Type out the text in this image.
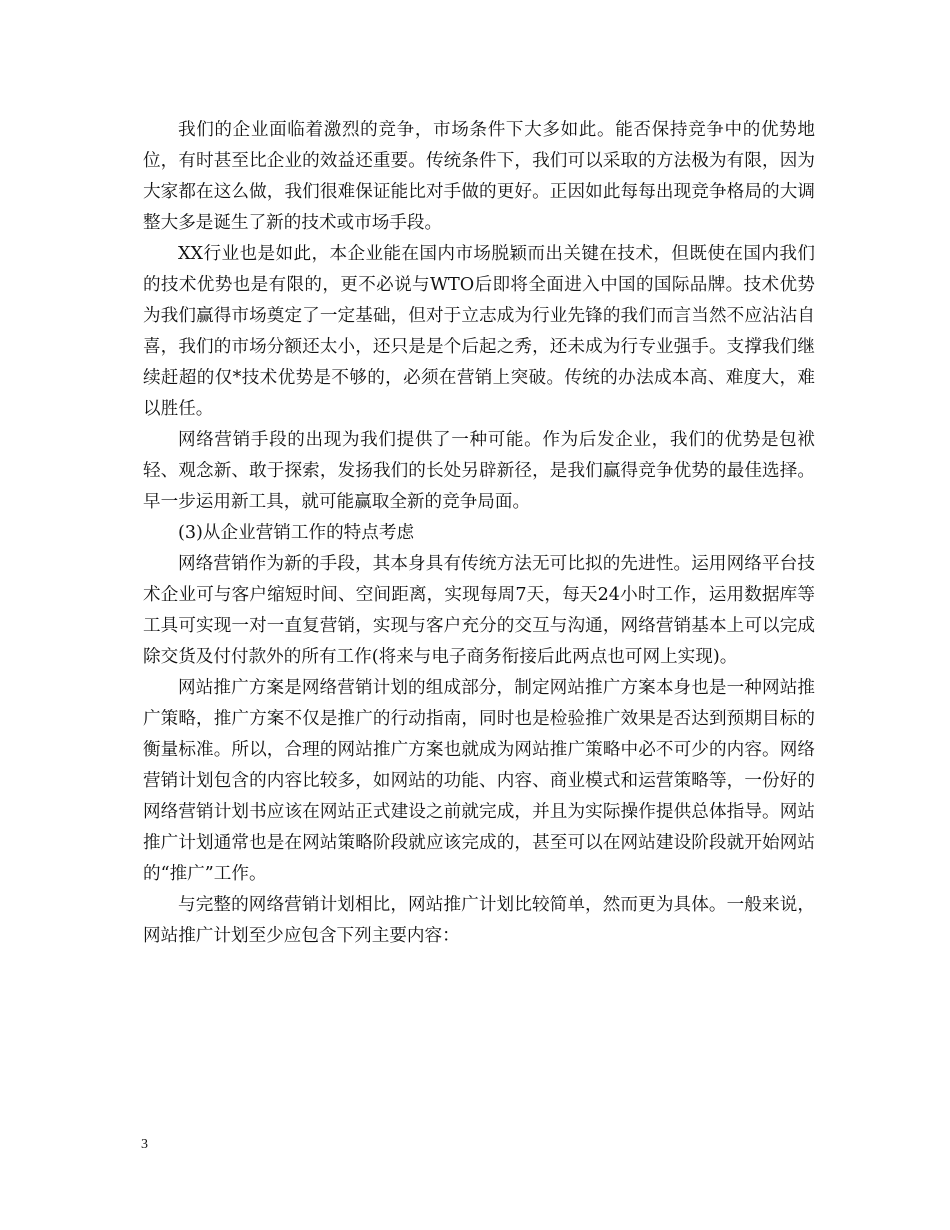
我们的企业面临着激烈的竞争，市场条件下大多如此。能否保持竞争中的优势地位，有时甚至比企业的效益还重要。传统条件下，我们可以采取的方法极为有限，因为大家都在这么做，我们很难保证能比对手做的更好。正因如此每每出现竞争格局的大调整大多是诞生了新的技术或市场手段。

XX行业也是如此，本企业能在国内市场脱颖而出关键在技术，但既使在国内我们的技术优势也是有限的，更不必说与WTO后即将全面进入中国的国际品牌。技术优势为我们赢得市场奠定了一定基础，但对于立志成为行业先锋的我们而言当然不应沾沾自喜，我们的市场分额还太小，还只是是个后起之秀，还未成为行专业强手。支撑我们继续赶超的仅*技术优势是不够的，必须在营销上突破。传统的办法成本高、难度大，难以胜任。

网络营销手段的出现为我们提供了一种可能。作为后发企业，我们的优势是包袱轻、观念新、敢于探索，发扬我们的长处另辟新径，是我们赢得竞争优势的最佳选择。早一步运用新工具，就可能赢取全新的竞争局面。

(3)从企业营销工作的特点考虑

网络营销作为新的手段，其本身具有传统方法无可比拟的先进性。运用网络平台技术企业可与客户缩短时间、空间距离，实现每周7天，每天24小时工作，运用数据库等工具可实现一对一直复营销，实现与客户充分的交互与沟通，网络营销基本上可以完成除交货及付付款外的所有工作(将来与电子商务衔接后此两点也可网上实现)。

网站推广方案是网络营销计划的组成部分，制定网站推广方案本身也是一种网站推广策略，推广方案不仅是推广的行动指南，同时也是检验推广效果是否达到预期目标的衡量标准。所以，合理的网站推广方案也就成为网站推广策略中必不可少的内容。网络营销计划包含的内容比较多，如网站的功能、内容、商业模式和运营策略等，一份好的网络营销计划书应该在网站正式建设之前就完成，并且为实际操作提供总体指导。网站推广计划通常也是在网站策略阶段就应该完成的，甚至可以在网站建设阶段就开始网站的“推广”工作。

与完整的网络营销计划相比，网站推广计划比较简单，然而更为具体。一般来说，网站推广计划至少应包含下列主要内容：

3
